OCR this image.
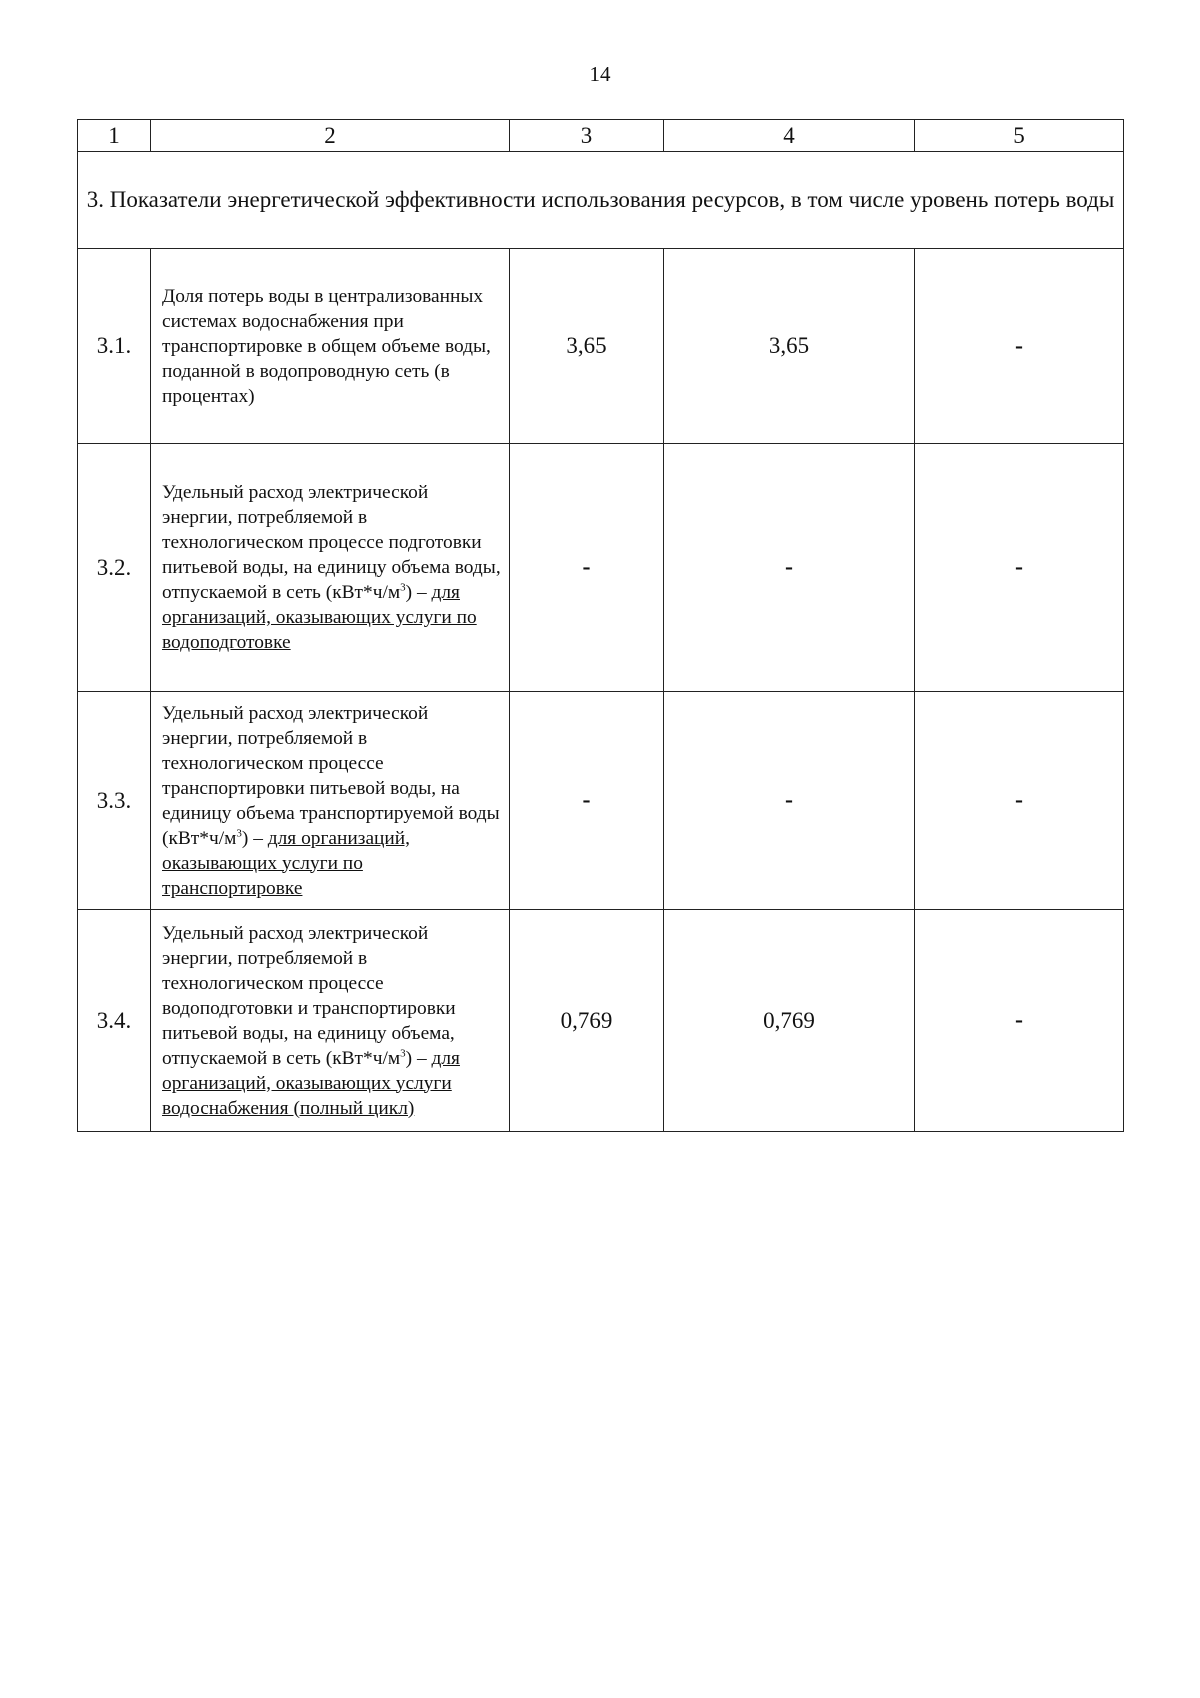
14
1	2	3	4	5
3. Показатели энергетической эффективности использования ресурсов, в том числе уровень потерь воды				
3.1.	Доля потерь воды в централизованных системах водоснабжения при транспортировке в общем объеме воды, поданной в водопроводную сеть (в процентах)	3,65	3,65	-
3.2.	Удельный расход электрической энергии, потребляемой в технологическом процессе подготовки питьевой воды, на единицу объема воды, отпускаемой в сеть $(кВт*ч/м^3)$ – для организаций, оказывающих услуги по водоподготовке	-	-	-
3.3.	Удельный расход электрической энергии, потребляемой в технологическом процессе транспортировки питьевой воды, на единицу объема транспортируемой воды $(кВт*ч/м^3)$ – для организаций, оказывающих услуги по транспортировке	-	-	-
3.4.	Удельный расход электрической энергии, потребляемой в технологическом процессе водоподготовки и транспортировки питьевой воды, на единицу объема, отпускаемой в сеть $(кВт*ч/м^3)$ – для организаций, оказывающих услуги водоснабжения (полный цикл)	0,769	0,769	-
